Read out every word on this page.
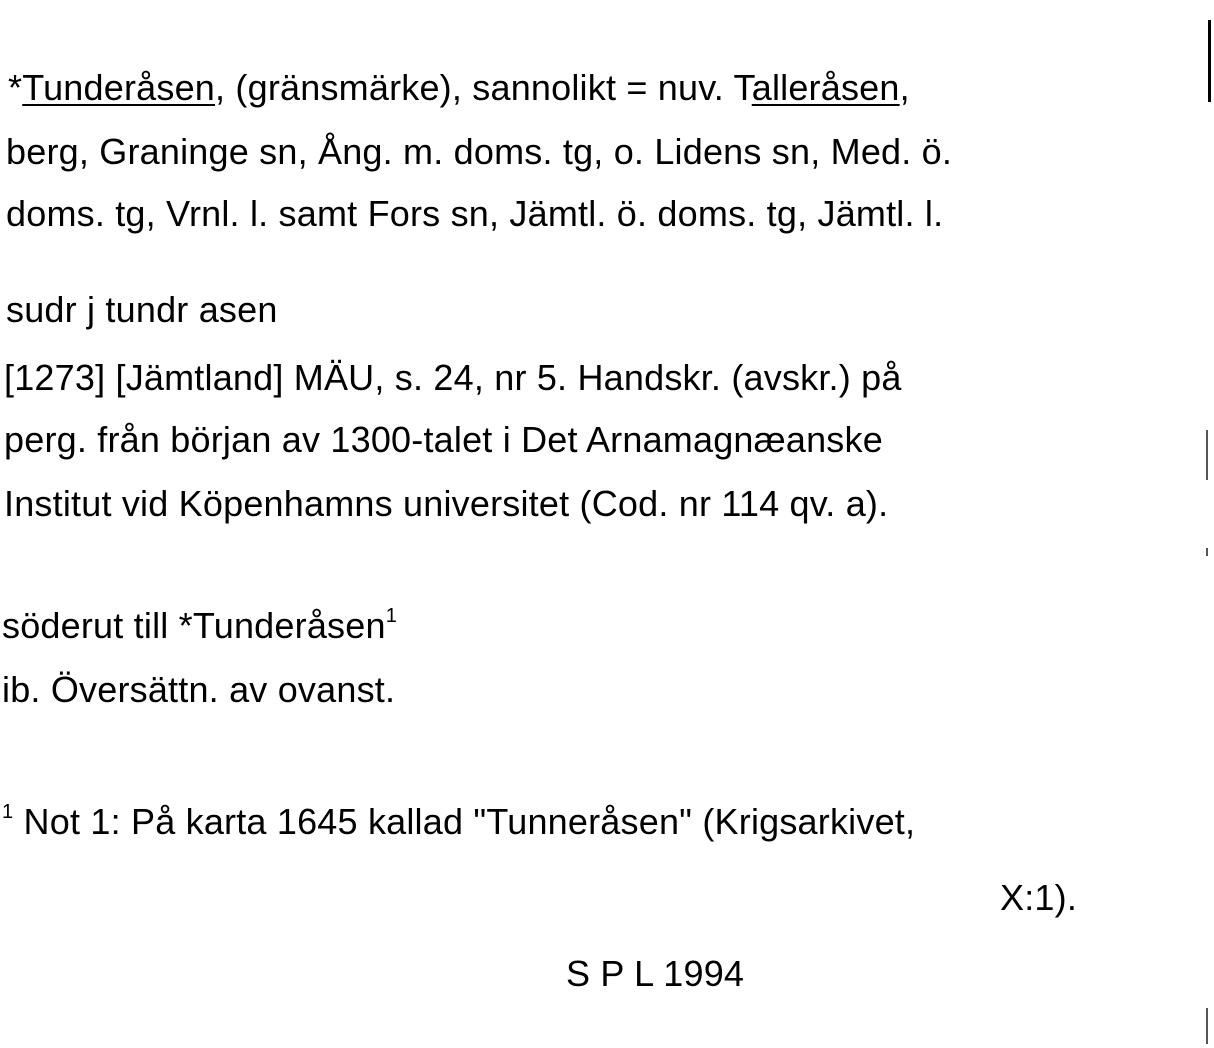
*Tunderåsen, (gränsmärke), sannolikt = nuv. Talleråsen,
berg, Graninge sn, Ång. m. doms. tg, o. Lidens sn, Med. ö.
doms. tg, Vrnl. l. samt Fors sn, Jämtl. ö. doms. tg, Jämtl. l.
sudr j tundr asen
[1273] [Jämtland] MÄU, s. 24, nr 5. Handskr. (avskr.) på
perg. från början av 1300-talet i Det Arnamagnæanske
Institut vid Köpenhamns universitet (Cod. nr 114 qv. a).
söderut till *Tunderåsen$^1$
ib. Översättn. av ovanst.
$^1$ Not 1: På karta 1645 kallad "Tunneråsen" (Krigsarkivet,
X:1).
S P L 1994
